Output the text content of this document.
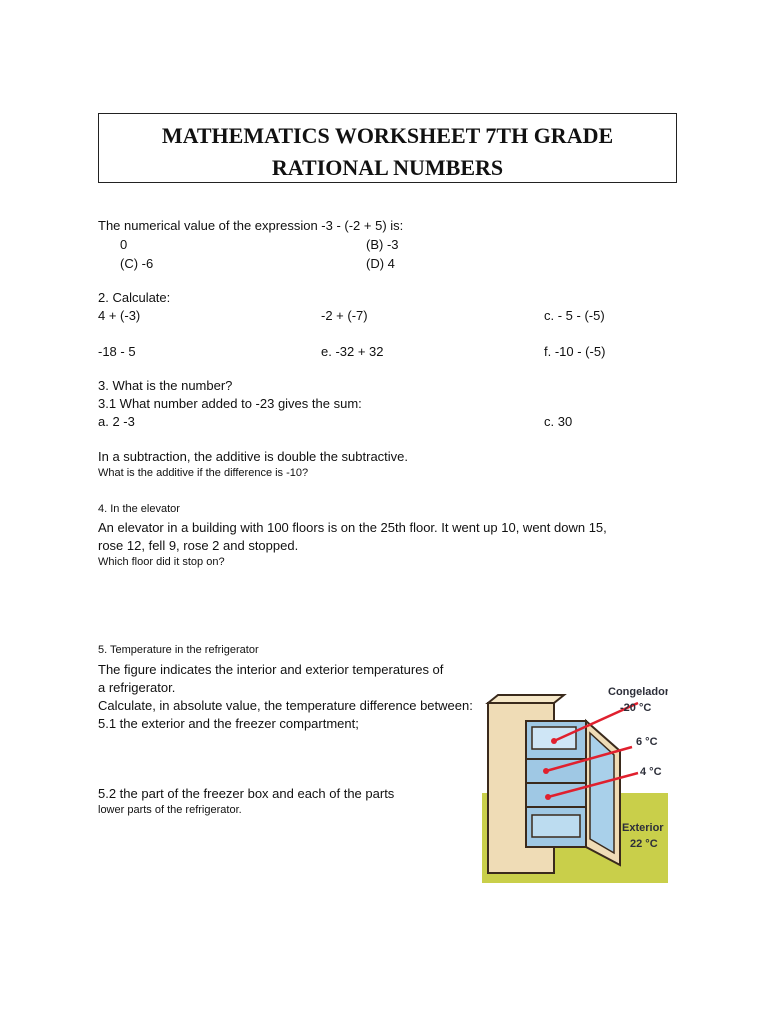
MATHEMATICS WORKSHEET 7TH GRADE
RATIONAL NUMBERS
The numerical value of the expression -3 - (-2 + 5) is:
0	(B) -3
(C) -6	(D) 4
2. Calculate:
4 + (-3)	-2 + (-7)	c. - 5 - (-5)
-18 - 5	e. -32 + 32	f. -10 - (-5)
3. What is the number?
3.1 What number added to -23 gives the sum:
a. 2 -3	c. 30
In a subtraction, the additive is double the subtractive.
What is the additive if the difference is -10?
4. In the elevator
An elevator in a building with 100 floors is on the 25th floor. It went up 10, went down 15,
rose 12, fell 9, rose 2 and stopped.
Which floor did it stop on?
5. Temperature in the refrigerator
The figure indicates the interior and exterior temperatures of
a refrigerator.
Calculate, in absolute value, the temperature difference between:
5.1 the exterior and the freezer compartment;
5.2 the part of the freezer box and each of the parts
lower parts of the refrigerator.
Congelador
-20 °C
6 °C
4 °C
Exterior
22 °C
